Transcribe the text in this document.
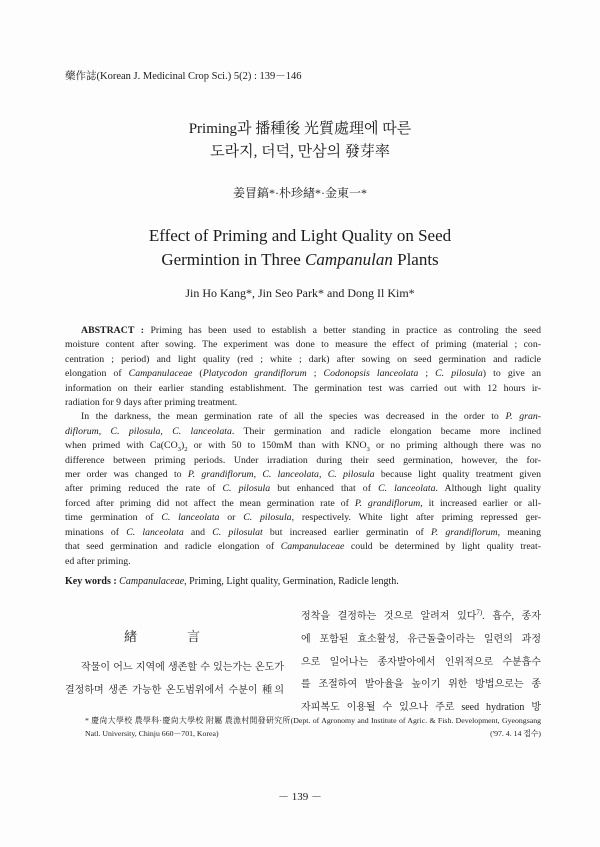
藥作誌(Korean J. Medicinal Crop Sci.) 5(2) : 139－146
Priming과 播種後 光質處理에 따른
도라지, 더덕, 만삼의 發芽率
姜冒鎬*·朴珍緖*·金東一*
Effect of Priming and Light Quality on Seed
Germintion in Three Campanulan Plants
Jin Ho Kang*, Jin Seo Park* and Dong Il Kim*
ABSTRACT : Priming has been used to establish a better standing in practice as controling the seed
moisture content after sowing. The experiment was done to measure the effect of priming (material ; con-
centration ; period) and light quality (red ; white ; dark) after sowing on seed germination and radicle
elongation of Campanulaceae (Platycodon grandiflorum ; Codonopsis lanceolata ; C. pilosula) to give an
information on their earlier standing establishment. The germination test was carried out with 12 hours ir-
radiation for 9 days after priming treatment.
In the darkness, the mean germination rate of all the species was decreased in the order to P. gran-
diflorum, C. pilosula, C. lanceolata. Their germination and radicle elongation became more inclined
when primed with $Ca(CO_3)_2$ or with 50 to 150mM than with $KNO_3$ or no priming although there was no
difference between priming periods. Under irradiation during their seed germination, however, the for-
mer order was changed to P. grandiflorum, C. lanceolata, C. pilosula because light quality treatment given
after priming reduced the rate of C. pilosula but enhanced that of C. lanceolata. Although light quality
forced after priming did not affect the mean germination rate of P. grandiflorum, it increased earlier or all-
time germination of C. lanceolata or C. pilosula, respectively. White light after priming repressed ger-
minations of C. lanceolata and C. pilosulat but increased earlier germinatin of P. grandiflorum, meaning
that seed germination and radicle elongation of Campanulaceae could be determined by light quality treat-
ed after priming.
Key words : Campanulaceae, Priming, Light quality, Germination, Radicle length.
緖 言
작물이 어느 지역에 생존할 수 있는가는 온도가
결정하며 생존 가능한 온도범위에서 수분이 種의
정착을 결정하는 것으로 알려져 있다$^{7)}$. 흡수, 종자
에 포함된 효소활성, 유근돌출이라는 일련의 과정
으로 일어나는 종자발아에서 인위적으로 수분흡수
를 조절하여 발아율을 높이기 위한 방법으로는 종
자피복도 이용될 수 있으나 주로 seed hydration 방
* 慶尙大學校 農學科·慶尙大學校 附屬 農漁村開發硏究所(Dept. of Agronomy and Institute of Agric. & Fish. Development, Gyeongsang
Natl. University, Chinju 660－701, Korea)	('97. 4. 14 접수)
－ 139 －
